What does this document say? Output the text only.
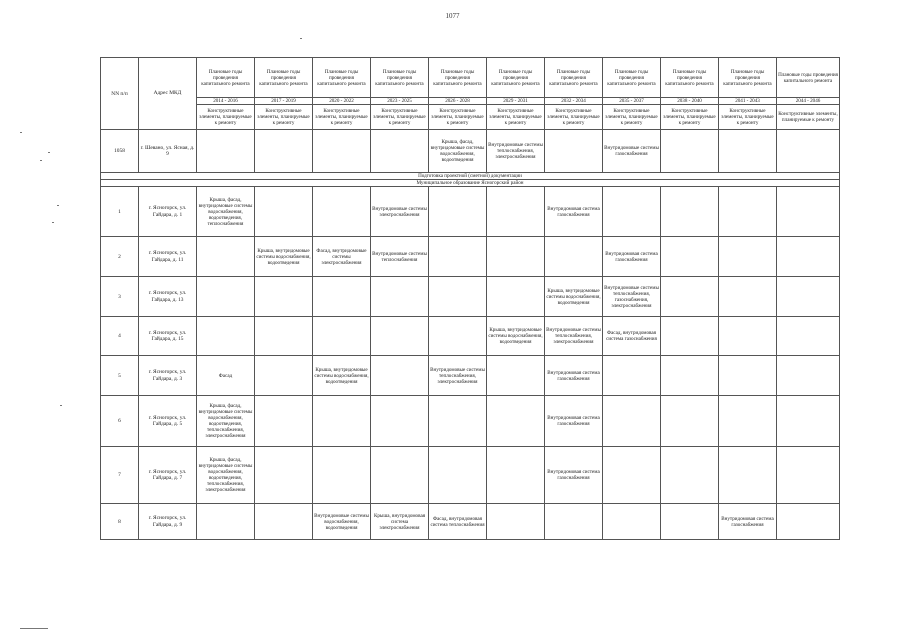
1077
NN п/п	Адрес МКД	Плановые годы проведения капитального ремонта	Плановые годы проведения капитального ремонта	Плановые годы проведения капитального ремонта	Плановые годы проведения капитального ремонта	Плановые годы проведения капитального ремонта	Плановые годы проведения капитального ремонта	Плановые годы проведения капитального ремонта	Плановые годы проведения капитального ремонта	Плановые годы проведения капитального ремонта	Плановые годы проведения капитального ремонта	Плановые годы проведения капитального ремонта
		2014 - 2016	2017 - 2019	2020 - 2022	2023 - 2025	2026 - 2028	2029 - 2031	2032 - 2034	2035 - 2037	2038 - 2040	2041 - 2043	2044 - 2046
		Конструктивные элементы, планируемые к ремонту	Конструктивные элементы, планируемые к ремонту	Конструктивные элементы, планируемые к ремонту	Конструктивные элементы, планируемые к ремонту	Конструктивные элементы, планируемые к ремонту	Конструктивные элементы, планируемые к ремонту	Конструктивные элементы, планируемые к ремонту	Конструктивные элементы, планируемые к ремонту	Конструктивные элементы, планируемые к ремонту	Конструктивные элементы, планируемые к ремонту	Конструктивные элементы, планируемые к ремонту
1058	г. Шевано, ул. Ясная, д. 9					Крыша, фасад, внутридомовые системы водоснабжения, водоотведения	Внутридомовые системы теплоснабжения, электроснабжения		Внутридомовые системы газоснабжения			
Подготовка проектной (сметной) документации												
Муниципальное образование Ясногорский район												
1	г. Ясногорск, ул. Гайдара, д. 1	Крыша, фасад, внутридомовые системы водоснабжения, водоотведения, теплоснабжения			Внутридомовые системы электроснабжения			Внутридомовая система газоснабжения				
2	г. Ясногорск, ул. Гайдара, д. 11		Крыша, внутридомовые системы водоснабжения, водоотведения	Фасад, внутридомовые системы электроснабжения	Внутридомовые системы теплоснабжения				Внутридомовая система газоснабжения			
3	г. Ясногорск, ул. Гайдара, д. 13							Крыша, внутридомовые системы водоснабжения, водоотведения	Внутридомовые системы теплоснабжения, газоснабжения, электроснабжения			
4	г. Ясногорск, ул. Гайдара, д. 15						Крыша, внутридомовые системы водоснабжения, водоотведения	Внутридомовые системы теплоснабжения, электроснабжения	Фасад, внутридомовая система газоснабжения			
5	г. Ясногорск, ул. Гайдара, д. 3	Фасад		Крыша, внутридомовые системы водоснабжения, водоотведения		Внутридомовые системы теплоснабжения, электроснабжения		Внутридомовая система газоснабжения				
6	г. Ясногорск, ул. Гайдара, д. 5	Крыша, фасад, внутридомовые системы водоснабжения, водоотведения, теплоснабжения, электроснабжения						Внутридомовая система газоснабжения				
7	г. Ясногорск, ул. Гайдара, д. 7	Крыша, фасад, внутридомовые системы водоснабжения, водоотведения, теплоснабжения, электроснабжения						Внутридомовая система газоснабжения				
8	г. Ясногорск, ул. Гайдара, д. 9			Внутридомовые системы водоснабжения, водоотведения	Крыша, внутридомовая система электроснабжения	Фасад, внутридомовая система теплоснабжения					Внутридомовая система газоснабжения	
